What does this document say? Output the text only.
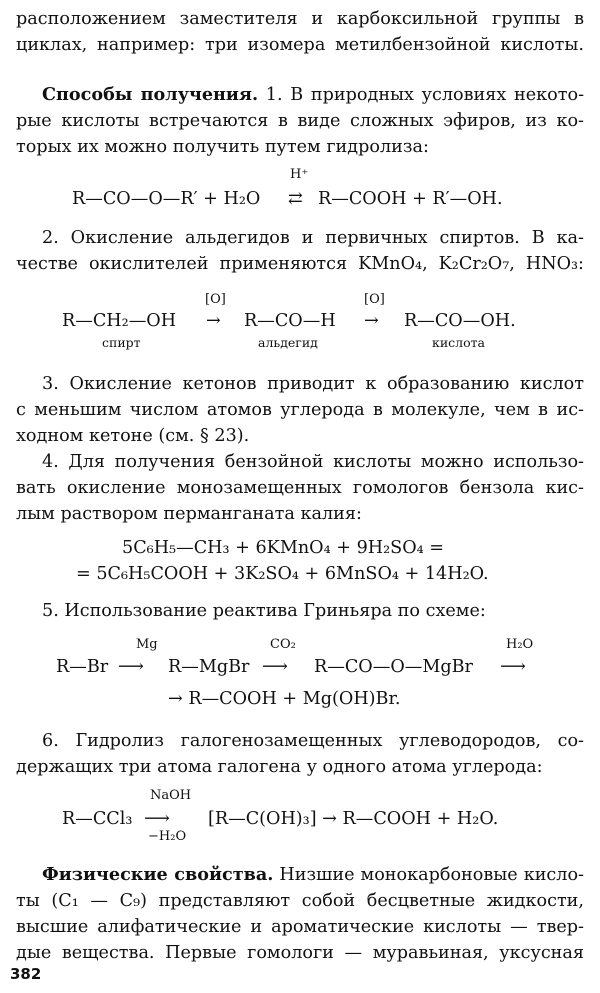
расположением заместителя и карбоксильной группы в
циклах, например: три изомера метилбензойной кислоты.
Способы получения. 1. В природных условиях некото-
рые кислоты встречаются в виде сложных эфиров, из ко-
торых их можно получить путем гидролиза:
R—CO—O—R′ + H₂O
H⁺
⇄ R—COOH + R′—OH.
2. Окисление альдегидов и первичных спиртов. В ка-
честве окислителей применяются KMnO₄, K₂Cr₂O₇, HNO₃:
[O]	[O]
R—CH₂—OH → R—CO—H → R—CO—OH.
спирт	альдегид	кислота
3. Окисление кетонов приводит к образованию кислот
с меньшим числом атомов углерода в молекуле, чем в ис-
ходном кетоне (см. § 23).
4. Для получения бензойной кислоты можно использо-
вать окисление монозамещенных гомологов бензола кис-
лым раствором перманганата калия:
5C₆H₅—CH₃ + 6KMnO₄ + 9H₂SO₄ =
= 5C₆H₅COOH + 3K₂SO₄ + 6MnSO₄ + 14H₂O.
5. Использование реактива Гриньяра по схеме:
Mg	CO₂	H₂O
R—Br ⟶ R—MgBr ⟶ R—CO—O—MgBr ⟶
→ R—COOH + Mg(OH)Br.
6. Гидролиз галогенозамещенных углеводородов, со-
держащих три атома галогена у одного атома углерода:
NaOH
R—CCl₃ ⟶
−H₂O
[R—C(OH)₃] → R—COOH + H₂O.
Физические свойства. Низшие монокарбоновые кисло-
ты (C₁ — C₉) представляют собой бесцветные жидкости,
высшие алифатические и ароматические кислоты — твер-
дые вещества. Первые гомологи — муравьиная, уксусная
382
